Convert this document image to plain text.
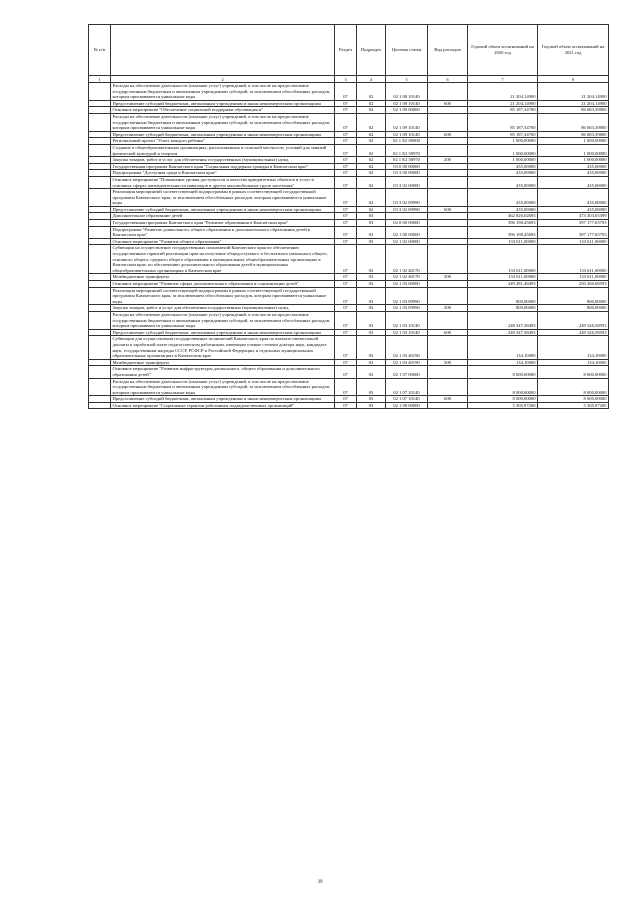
№ п/п		Раздел	Подраздел	Целевая статья	Вид расходов	Годовой объем ассигнований на 2020 год	Годовой объем ассигнований на 2021 год
1	2	3	4	5	6	7	8
	Расходы на обеспечение деятельности (оказание услуг) учреждений, в том числе на предоставление государственным бюджетным и автономным учреждениям субсидий, за исключением обособленных расходов, которым присваиваются уникальные коды	07	02	02 1 08 10140		21 204,14900	21 204,14900
	Предоставление субсидий бюджетным, автономным учреждениям и иным некоммерческим организациям	07	02	02 1 08 10140	600	21 204,14900	21 204,14900
	Основное мероприятие "Обеспечение социальной поддержки обучающихся"	07	02	02 1 09 00000		85 187,34700	86 683,39800
	Расходы на обеспечение деятельности (оказание услуг) учреждений, в том числе на предоставление государственным бюджетным и автономным учреждениям субсидий, за исключением обособленных расходов, которым присваиваются уникальные коды	07	02	02 1 09 10140		85 187,34700	86 683,39800
	Предоставление субсидий бюджетным, автономным учреждениям и иным некоммерческим организациям	07	02	02 1 09 10140	600	85 187,34700	86 683,39800
	Региональный проект "Успех каждого ребенка"	07	02	02 1 E2 00000		1 000,00000	1 000,00000
	Создание в общеобразовательных организациях, расположенных в сельской местности, условий для занятий физической культурой и спортом	07	02	02 1 E2 50970		1 000,00000	1 000,00000
	Закупка товаров, работ и услуг для обеспечения государственных (муниципальных) нужд	07	02	02 1 E2 50970	200	1 000,00000	1 000,00000
	Государственная программа Камчатского края "Социальная поддержка граждан в Камчатском крае"	07	02	03 0 00 00000		435,00000	435,00000
	Подпрограмма "Доступная среда в Камчатском крае"	07	02	03 3 00 00000		435,00000	435,00000
	Основное мероприятие "Повышение уровня доступности и качества приоритетных объектов и услуг в основных сферах жизнедеятельности инвалидов и других маломобильных групп населения"	07	02	03 3 02 00000		435,00000	435,00000
	Реализация мероприятий соответствующей подпрограммы в рамках соответствующей государственной программы Камчатского края, за исключением обособленных расходов, которым присваиваются уникальные коды	07	02	03 3 02 09990		435,00000	435,00000
	Предоставление субсидий бюджетным, автономным учреждениям и иным некоммерческим организациям	07	02	03 3 02 09990	600	435,00000	435,00000
	Дополнительное образование детей	07	03			462 826,02693	473 303,65399
	Государственная программа Камчатского края "Развитие образования в Камчатском крае"	07	03	02 0 00 00000		396 198,45693	397 177,65793
	Подпрограмма "Развитие дошкольного, общего образования и дополнительного образования детей в Камчатском крае"	07	03	02 1 00 00000		396 198,45693	397 177,65793
	Основное мероприятие "Развитие общего образования"	07	03	02 1 02 00000		133 611,00000	133 611,00000
	Субвенции на осуществление государственных полномочий Камчатского края по обеспечению государственных гарантий реализации прав на получение общедоступного и бесплатного начального общего, основного общего, среднего общего образования в муниципальных общеобразовательных организациях в Камчатском крае, по обеспечению дополнительного образования детей в муниципальных общеобразовательных организациях в Камчатском крае	07	03	02 1 02 40170		133 611,00000	133 611,00000
	Межбюджетные трансферты	07	03	02 1 02 40170	500	133 611,00000	133 611,00000
	Основное мероприятие "Развитие сферы дополнительного образования и социализации детей"	07	03	02 1 03 00000		249 281,48493	250 260,68593
	Реализация мероприятий соответствующей подпрограммы в рамках соответствующей государственной программы Камчатского края, за исключением обособленных расходов, которым присваиваются уникальные коды	07	03	02 1 03 09990		800,00000	800,00000
	Закупка товаров, работ и услуг для обеспечения государственных (муниципальных) нужд	07	03	02 1 03 09990	200	800,00000	800,00000
	Расходы на обеспечение деятельности (оказание услуг) учреждений, в том числе на предоставление государственным бюджетным и автономным учреждениям субсидий, за исключением обособленных расходов, которым присваиваются уникальные коды	07	03	02 1 03 10140		248 347,38493	249 326,58593
	Предоставление субсидий бюджетным, автономным учреждениям и иным некоммерческим организациям	07	03	02 1 03 10140	600	248 347,38493	249 326,58593
	Субвенции для осуществления государственных полномочий Камчатского края по выплате ежемесячной доплаты к заработной плате педагогическим работникам, имеющим ученые степени доктора наук, кандидата наук, государственные награды СССР, РСФСР и Российской Федерации, в отдельных муниципальных образовательных организациях в Камчатском крае	07	03	02 1 03 40190		134,10000	134,10000
	Межбюджетные трансферты	07	03	02 1 03 40190	500	134,10000	134,10000
	Основное мероприятие "Развитие инфраструктуры дошкольного, общего образования и дополнительного образования детей"	07	03	02 1 07 00000		8 000,00000	8 000,00000
	Расходы на обеспечение деятельности (оказание услуг) учреждений, в том числе на предоставление государственным бюджетным и автономным учреждениям субсидий, за исключением обособленных расходов, которым присваиваются уникальные коды	07	03	02 1 07 10140		8 000,00000	8 000,00000
	Предоставление субсидий бюджетным, автономным учреждениям и иным некоммерческим организациям	07	03	02 1 07 10140	600	8 000,00000	8 000,00000
	Основное мероприятие "Социальные гарантии работникам подведомственных организаций"	07	03	02 1 08 00000		5 305,97200	5 305,97200
39
